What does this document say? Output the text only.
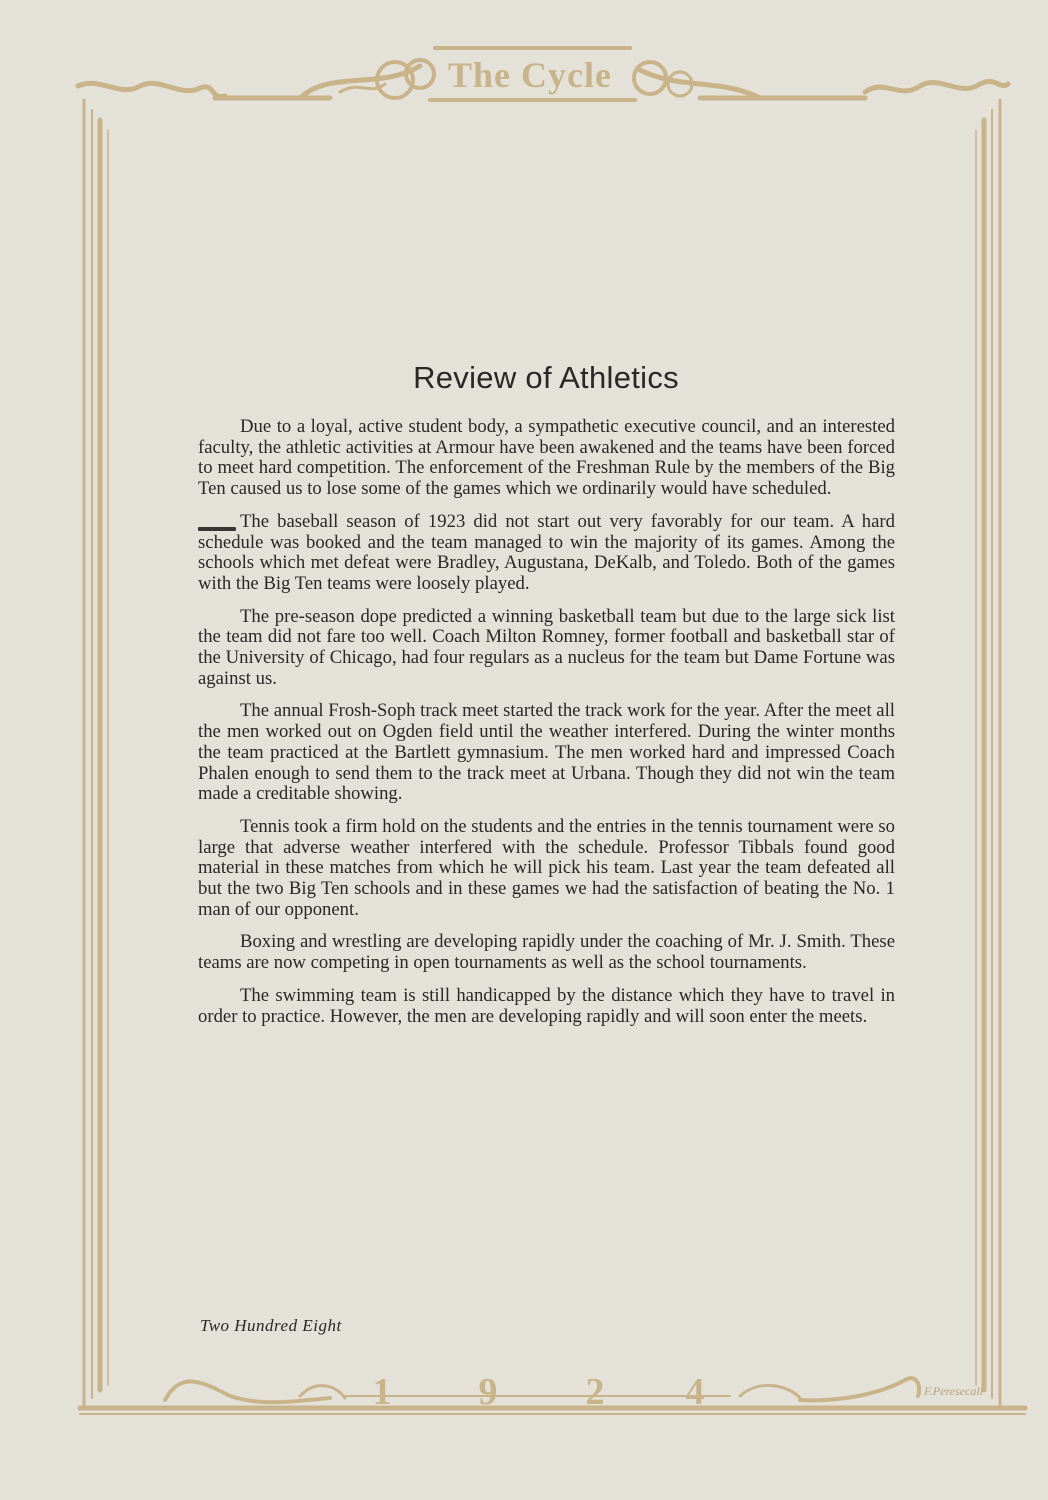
The Cycle
1	9	2	4	F.Peresecall
Review of Athletics

Due to a loyal, active student body, a sympathetic executive council, and an interested faculty, the athletic activities at Armour have been awakened and the teams have been forced to meet hard competition. The enforcement of the Freshman Rule by the members of the Big Ten caused us to lose some of the games which we ordinarily would have scheduled.

The baseball season of 1923 did not start out very favorably for our team. A hard schedule was booked and the team managed to win the majority of its games. Among the schools which met defeat were Bradley, Augustana, DeKalb, and Toledo. Both of the games with the Big Ten teams were loosely played.

The pre-season dope predicted a winning basketball team but due to the large sick list the team did not fare too well. Coach Milton Romney, former football and basketball star of the University of Chicago, had four regulars as a nucleus for the team but Dame Fortune was against us.

The annual Frosh-Soph track meet started the track work for the year. After the meet all the men worked out on Ogden field until the weather interfered. During the winter months the team practiced at the Bartlett gymnasium. The men worked hard and impressed Coach Phalen enough to send them to the track meet at Urbana. Though they did not win the team made a creditable showing.

Tennis took a firm hold on the students and the entries in the tennis tournament were so large that adverse weather interfered with the schedule. Professor Tibbals found good material in these matches from which he will pick his team. Last year the team defeated all but the two Big Ten schools and in these games we had the satisfaction of beating the No. 1 man of our opponent.

Boxing and wrestling are developing rapidly under the coaching of Mr. J. Smith. These teams are now competing in open tournaments as well as the school tournaments.

The swimming team is still handicapped by the distance which they have to travel in order to practice. However, the men are developing rapidly and will soon enter the meets.

Two Hundred Eight
